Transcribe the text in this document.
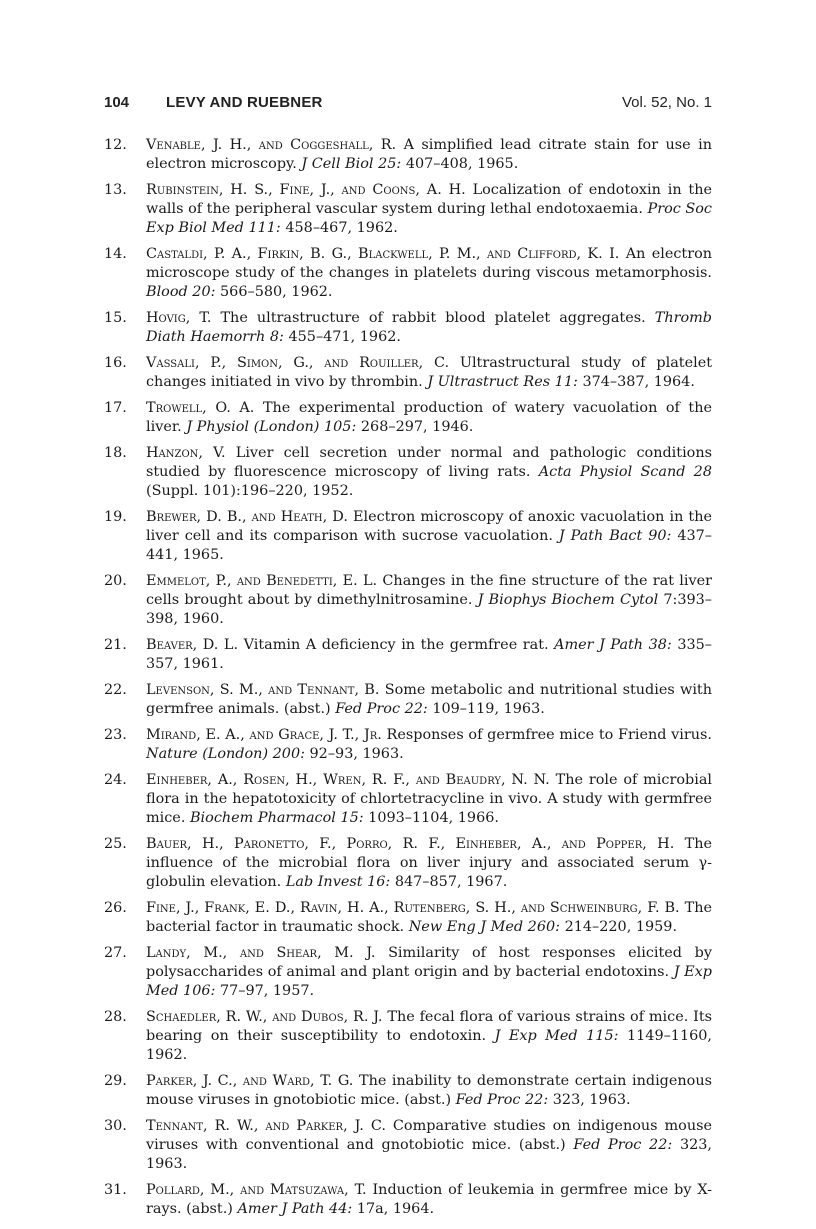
104 LEVY AND RUEBNER	Vol. 52, No. 1
12.	Venable, J. H., and Coggeshall, R. A simplified lead citrate stain for use in electron microscopy. J Cell Biol 25: 407–408, 1965.
13.	Rubinstein, H. S., Fine, J., and Coons, A. H. Localization of endotoxin in the walls of the peripheral vascular system during lethal endotoxaemia. Proc Soc Exp Biol Med 111: 458–467, 1962.
14.	Castaldi, P. A., Firkin, B. G., Blackwell, P. M., and Clifford, K. I. An electron microscope study of the changes in platelets during viscous metamorphosis. Blood 20: 566–580, 1962.
15.	Hovig, T. The ultrastructure of rabbit blood platelet aggregates. Thromb Diath Haemorrh 8: 455–471, 1962.
16.	Vassali, P., Simon, G., and Rouiller, C. Ultrastructural study of platelet changes initiated in vivo by thrombin. J Ultrastruct Res 11: 374–387, 1964.
17.	Trowell, O. A. The experimental production of watery vacuolation of the liver. J Physiol (London) 105: 268–297, 1946.
18.	Hanzon, V. Liver cell secretion under normal and pathologic conditions studied by fluorescence microscopy of living rats. Acta Physiol Scand 28 (Suppl. 101):196–220, 1952.
19.	Brewer, D. B., and Heath, D. Electron microscopy of anoxic vacuolation in the liver cell and its comparison with sucrose vacuolation. J Path Bact 90: 437–441, 1965.
20.	Emmelot, P., and Benedetti, E. L. Changes in the fine structure of the rat liver cells brought about by dimethylnitrosamine. J Biophys Biochem Cytol 7:393–398, 1960.
21.	Beaver, D. L. Vitamin A deficiency in the germfree rat. Amer J Path 38: 335–357, 1961.
22.	Levenson, S. M., and Tennant, B. Some metabolic and nutritional studies with germfree animals. (abst.) Fed Proc 22: 109–119, 1963.
23.	Mirand, E. A., and Grace, J. T., Jr. Responses of germfree mice to Friend virus. Nature (London) 200: 92–93, 1963.
24.	Einheber, A., Rosen, H., Wren, R. F., and Beaudry, N. N. The role of microbial flora in the hepatotoxicity of chlortetracycline in vivo. A study with germfree mice. Biochem Pharmacol 15: 1093–1104, 1966.
25.	Bauer, H., Paronetto, F., Porro, R. F., Einheber, A., and Popper, H. The influence of the microbial flora on liver injury and associated serum γ-globulin elevation. Lab Invest 16: 847–857, 1967.
26.	Fine, J., Frank, E. D., Ravin, H. A., Rutenberg, S. H., and Schweinburg, F. B. The bacterial factor in traumatic shock. New Eng J Med 260: 214–220, 1959.
27.	Landy, M., and Shear, M. J. Similarity of host responses elicited by polysaccharides of animal and plant origin and by bacterial endotoxins. J Exp Med 106: 77–97, 1957.
28.	Schaedler, R. W., and Dubos, R. J. The fecal flora of various strains of mice. Its bearing on their susceptibility to endotoxin. J Exp Med 115: 1149–1160, 1962.
29.	Parker, J. C., and Ward, T. G. The inability to demonstrate certain indigenous mouse viruses in gnotobiotic mice. (abst.) Fed Proc 22: 323, 1963.
30.	Tennant, R. W., and Parker, J. C. Comparative studies on indigenous mouse viruses with conventional and gnotobiotic mice. (abst.) Fed Proc 22: 323, 1963.
31.	Pollard, M., and Matsuzawa, T. Induction of leukemia in germfree mice by X-rays. (abst.) Amer J Path 44: 17a, 1964.
